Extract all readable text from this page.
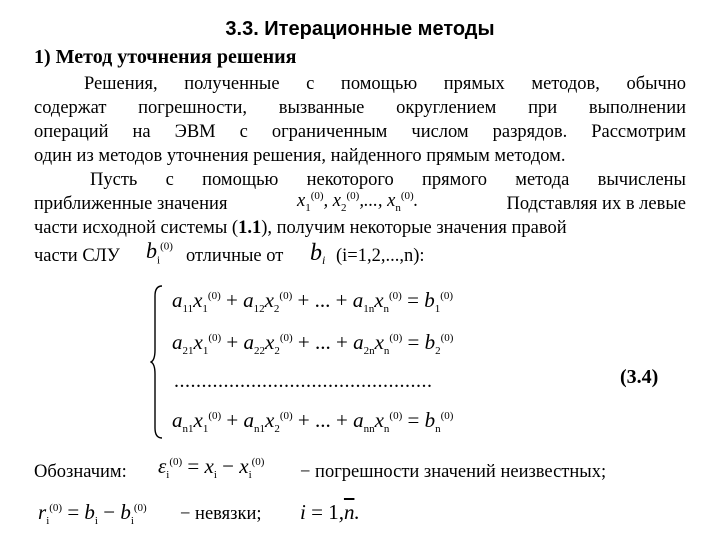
3.3. Итерационные методы
1) Метод уточнения решения
Решения, полученные с помощью прямых методов, обычно
содержат погрешности, вызванные округлением при выполнении
операций на ЭВМ с ограниченным числом разрядов. Рассмотрим
один из методов уточнения решения, найденного прямым методом.
Пусть с помощью некоторого прямого метода вычислены
приближенные значения	$x_1^{(0)}$, $x_2^{(0)}$,..., $x_n^{(0)}$.	Подставляя их в левые
части исходной системы (1.1), получим некоторые значения правой
части СЛУ $b_i^{(0)}$ отличные от bi (i=1,2,...,n):
$a_{11}x_1^{(0)} + a_{12}x_2^{(0)}$ + ... + $a_{1n}x_n^{(0)} = b_1^{(0)}$
$a_{21}x_1^{(0)} + a_{22}x_2^{(0)}$ + ... + $a_{2n}x_n^{(0)} = b_2^{(0)}$
...............................................	(3.4)
$a_{n1}x_1^{(0)} + a_{n1}x_2^{(0)}$ + ... + $a_{nn}x_n^{(0)} = b_n^{(0)}$
Обозначим: $\varepsilon_i^{(0)} = x_i - x_i^{(0)}$ − погрешности значений неизвестных;
$r_i^{(0)} = b_i - b_i^{(0)}$ − невязки; $i = 1,\overline{n}$.
